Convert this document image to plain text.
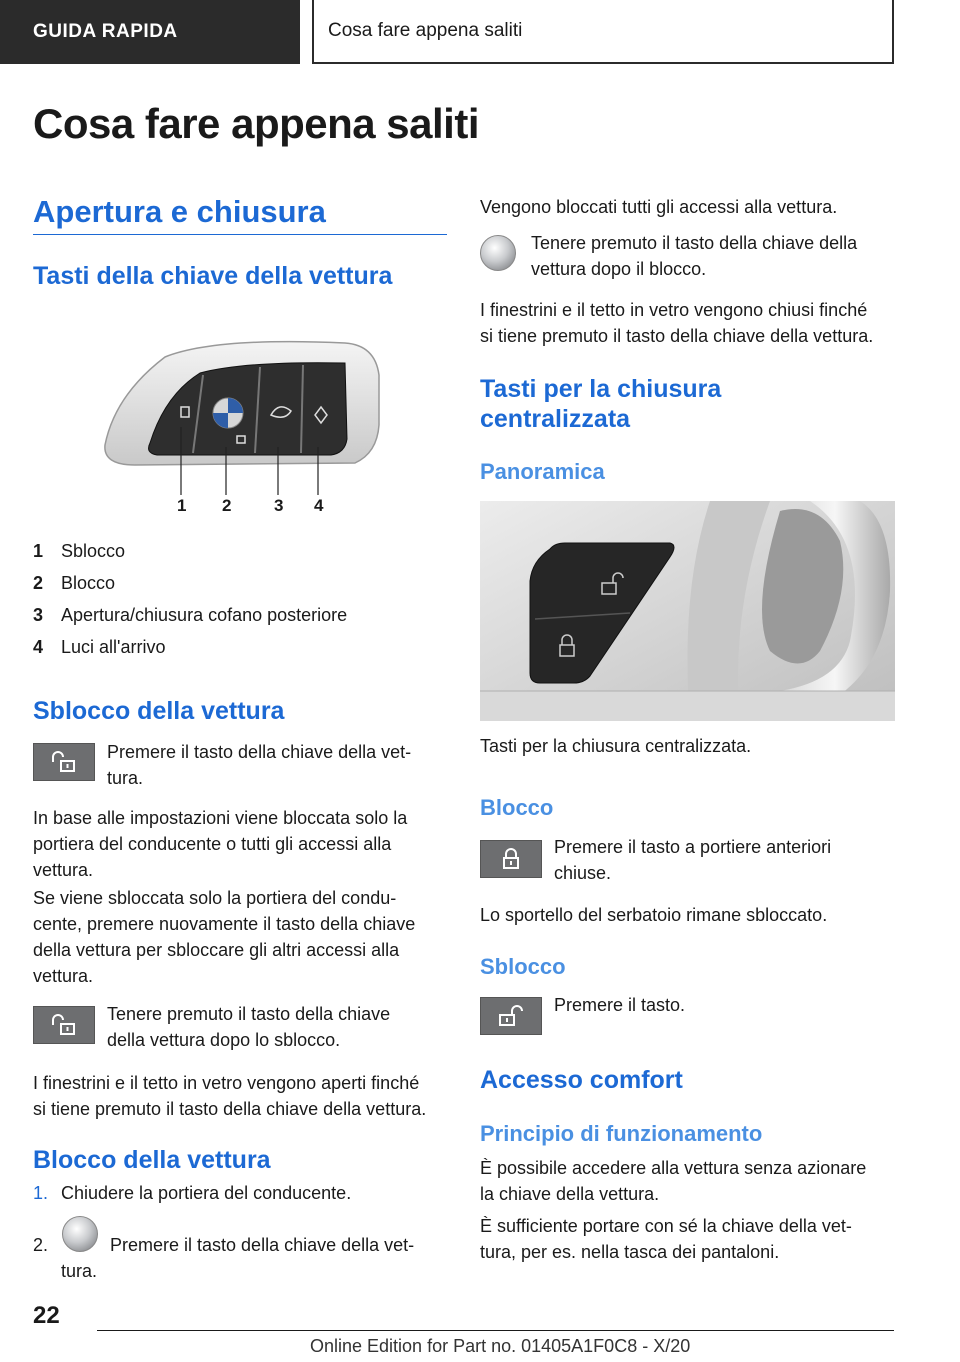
GUIDA RAPIDA	Cosa fare appena saliti
Cosa fare appena saliti
Apertura e chiusura
Tasti della chiave della vettura
1 2	3 4
1 Sblocco
2 Blocco
3 Apertura/chiusura cofano posteriore
4 Luci all'arrivo
Sblocco della vettura
Premere il tasto della chiave della vet-
tura.
In base alle impostazioni viene bloccata solo la
portiera del conducente o tutti gli accessi alla
vettura.
Se viene sbloccata solo la portiera del condu-
cente, premere nuovamente il tasto della chiave
della vettura per sbloccare gli altri accessi alla
vettura.
Tenere premuto il tasto della chiave
della vettura dopo lo sblocco.
I finestrini e il tetto in vetro vengono aperti finché
si tiene premuto il tasto della chiave della vettura.
Blocco della vettura
1. Chiudere la portiera del conducente.
2.	Premere il tasto della chiave della vet-
tura.
Vengono bloccati tutti gli accessi alla vettura.
Tenere premuto il tasto della chiave della
vettura dopo il blocco.
I finestrini e il tetto in vetro vengono chiusi finché
si tiene premuto il tasto della chiave della vettura.
Tasti per la chiusura
centralizzata
Panoramica
Tasti per la chiusura centralizzata.
Blocco
Premere il tasto a portiere anteriori
chiuse.
Lo sportello del serbatoio rimane sbloccato.
Sblocco
Premere il tasto.
Accesso comfort
Principio di funzionamento
È possibile accedere alla vettura senza azionare
la chiave della vettura.
È sufficiente portare con sé la chiave della vet-
tura, per es. nella tasca dei pantaloni.
22
Online Edition for Part no. 01405A1F0C8 - X/20
